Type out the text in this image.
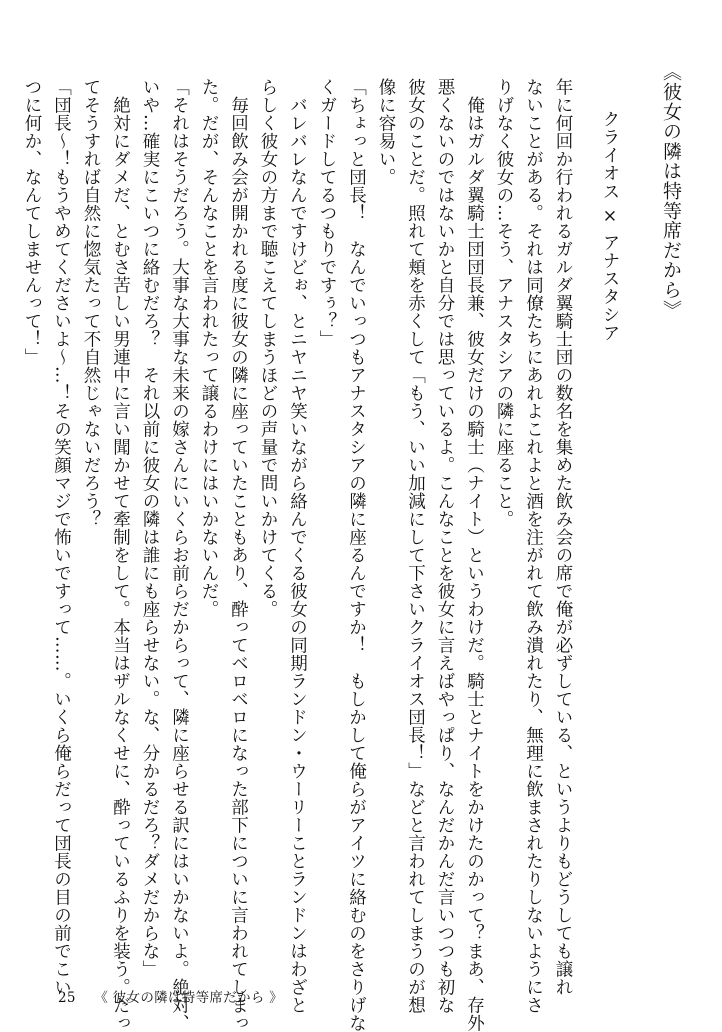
《彼女の隣は特等席だから》
クライオス × アナスタシア
年に何回か行われるガルダ翼騎士団の数名を集めた飲み会の席で俺が必ずしている、というよりもどうしても譲れ
ないことがある。それは同僚たちにあれよこれよと酒を注がれて飲み潰れたり、無理に飲まされたりしないようにさ
りげなく彼女の…そう、アナスタシアの隣に座ること。
　俺はガルダ翼騎士団団長兼、彼女だけの騎士（ナイト）というわけだ。騎士とナイトをかけたのかって？まあ、存外
悪くないのではないかと自分では思っているよ。こんなことを彼女に言えばやっぱり、なんだかんだ言いつつも初な
彼女のことだ。照れて頬を赤くして「もう、いい加減にして下さいクライオス団長！」などと言われてしまうのが想
像に容易い。
「ちょっと団長！　なんでいっつもアナスタシアの隣に座るんですか！　もしかして俺らがアイツに絡むのをさりげな
くガードしてるつもりですぅ？」
　バレバレなんですけどぉ、とニヤニヤ笑いながら絡んでくる彼女の同期ランドン・ウーリーことランドンはわざと
らしく彼女の方まで聴こえてしまうほどの声量で問いかけてくる。
　毎回飲み会が開かれる度に彼女の隣に座っていたこともあり、酔ってベロベロになった部下についに言われてしまっ
た。だが、そんなことを言われたって譲るわけにはいかないんだ。
「それはそうだろう。大事な大事な未来の嫁さんにいくらお前らだからって、隣に座らせる訳にはいかないよ。絶対、
いや…確実にこいつに絡むだろ？　それ以前に彼女の隣は誰にも座らせない。な、分かるだろ？ダメだからな」
　絶対にダメだ、とむさ苦しい男連中に言い聞かせて牽制をして。本当はザルなくせに、酔っているふりを装う。だっ
てそうすれば自然に惚気たって不自然じゃないだろう？
「団長〜！もうやめてくださいよ〜…！その笑顔マジで怖いですって……。いくら俺らだって団長の目の前でこい
つに何か、なんてしませんって！」
25 《 彼女の隣は特等席だから 》
